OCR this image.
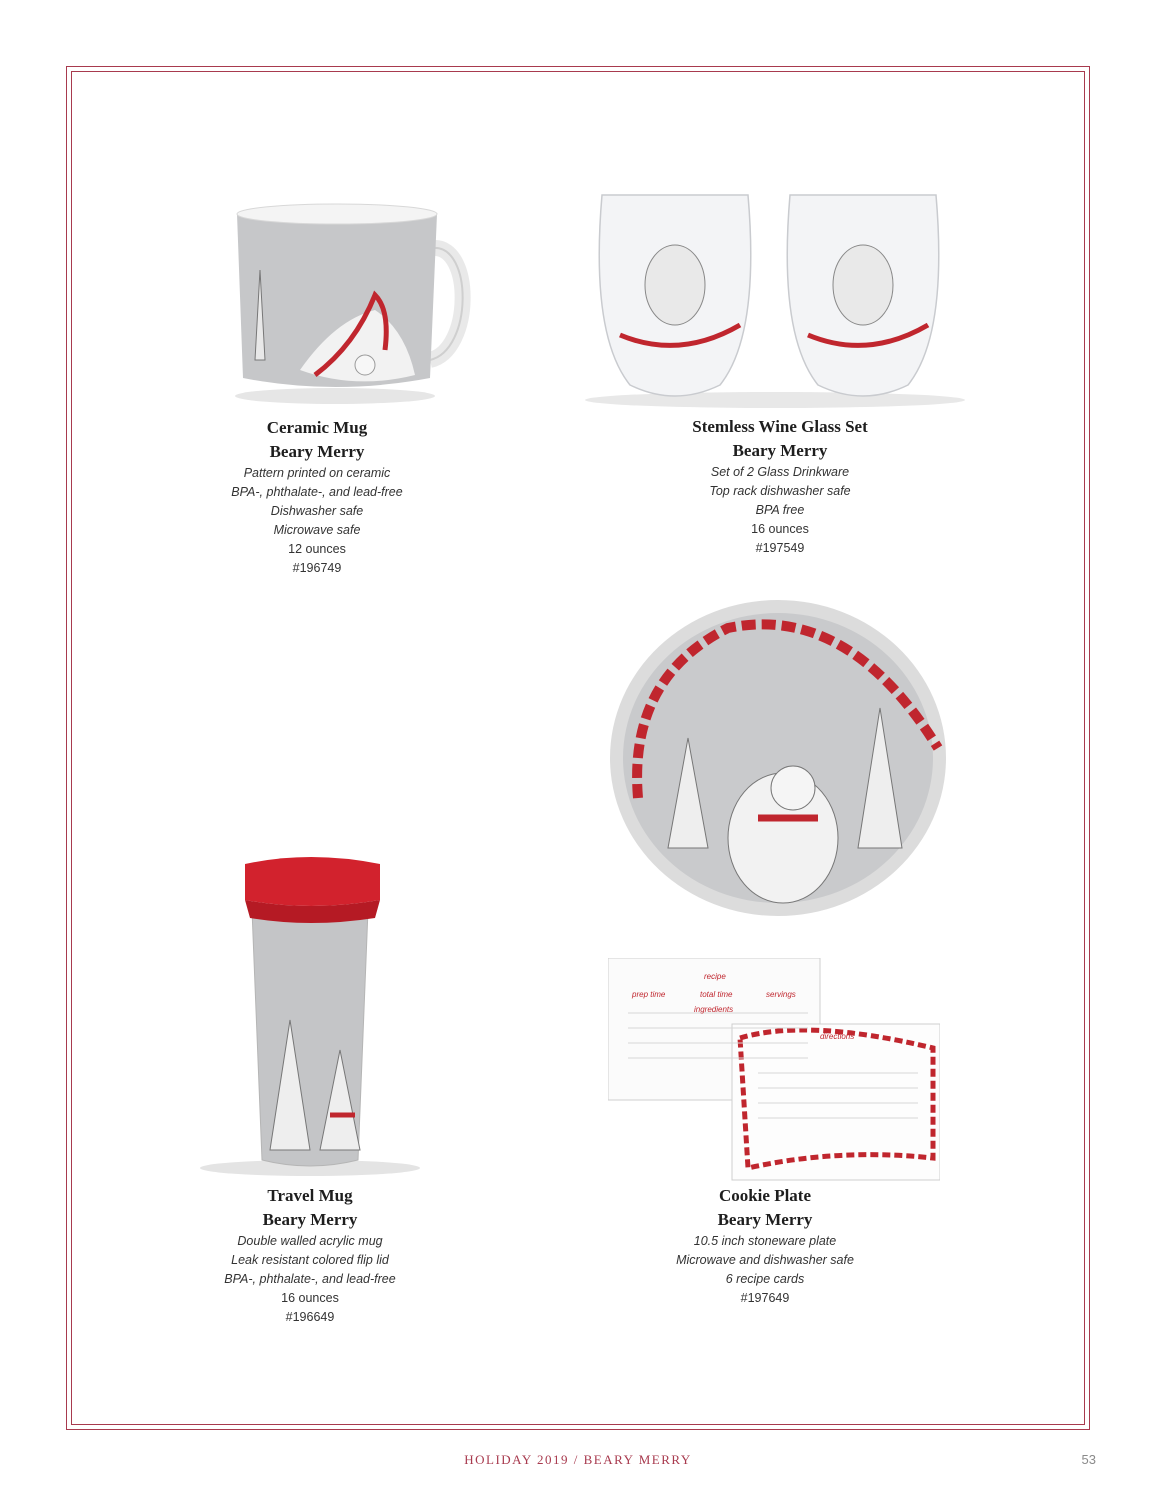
recipe
prep time	total time	servings
ingredients
directions
Ceramic Mug
Beary Merry
Pattern printed on ceramic
BPA-, phthalate-, and lead-free
Dishwasher safe
Microwave safe
12 ounces
#196749
Stemless Wine Glass Set
Beary Merry
Set of 2 Glass Drinkware
Top rack dishwasher safe
BPA free
16 ounces
#197549
Travel Mug
Beary Merry
Double walled acrylic mug
Leak resistant colored flip lid
BPA-, phthalate-, and lead-free
16 ounces
#196649
Cookie Plate
Beary Merry
10.5 inch stoneware plate
Microwave and dishwasher safe
6 recipe cards
#197649
HOLIDAY 2019 / BEARY MERRY	53
